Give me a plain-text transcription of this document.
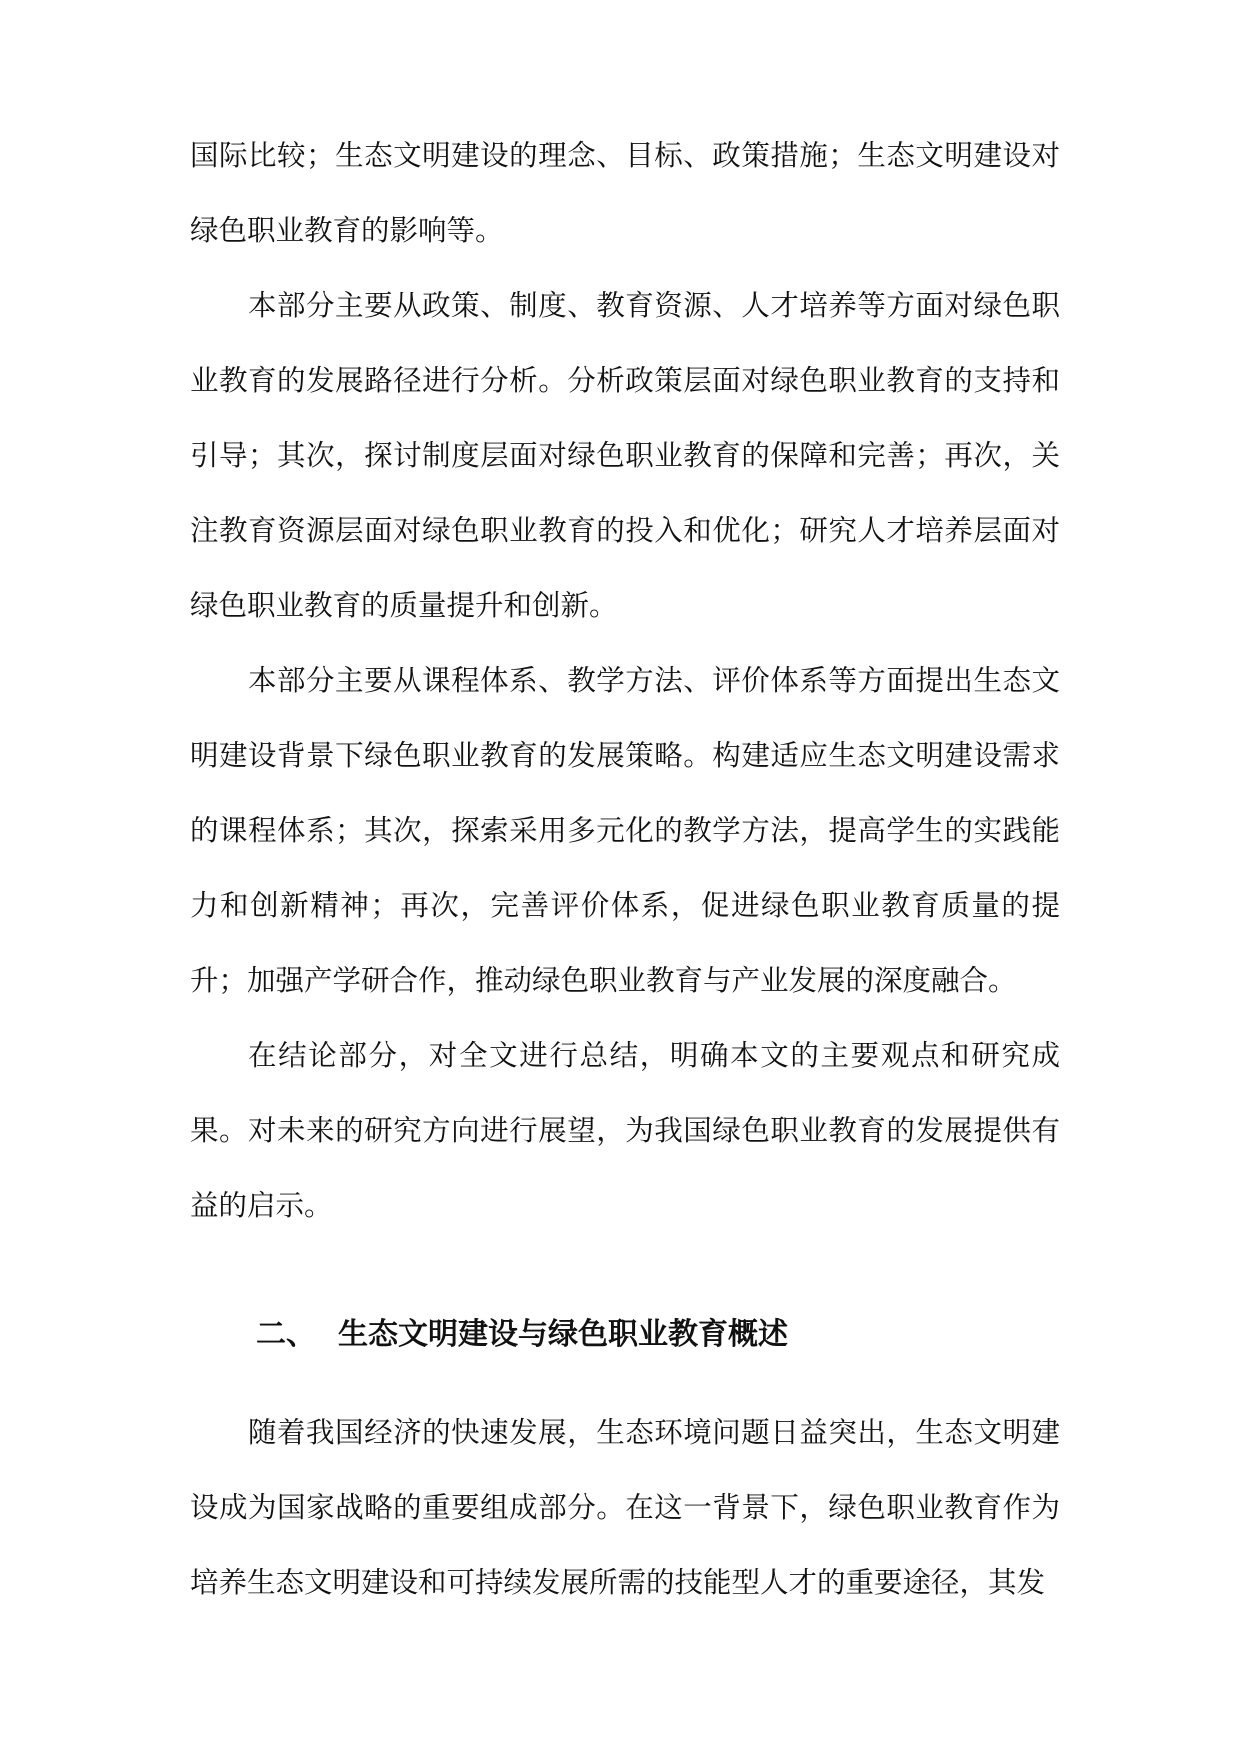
国际比较；生态文明建设的理念、目标、政策措施；生态文明建设对绿色职业教育的影响等。

本部分主要从政策、制度、教育资源、人才培养等方面对绿色职业教育的发展路径进行分析。分析政策层面对绿色职业教育的支持和引导；其次，探讨制度层面对绿色职业教育的保障和完善；再次，关注教育资源层面对绿色职业教育的投入和优化；研究人才培养层面对绿色职业教育的质量提升和创新。

本部分主要从课程体系、教学方法、评价体系等方面提出生态文明建设背景下绿色职业教育的发展策略。构建适应生态文明建设需求的课程体系；其次，探索采用多元化的教学方法，提高学生的实践能力和创新精神；再次，完善评价体系，促进绿色职业教育质量的提升；加强产学研合作，推动绿色职业教育与产业发展的深度融合。

在结论部分，对全文进行总结，明确本文的主要观点和研究成果。对未来的研究方向进行展望，为我国绿色职业教育的发展提供有益的启示。

二、 生态文明建设与绿色职业教育概述

随着我国经济的快速发展，生态环境问题日益突出，生态文明建设成为国家战略的重要组成部分。在这一背景下，绿色职业教育作为培养生态文明建设和可持续发展所需的技能型人才的重要途径，其发
